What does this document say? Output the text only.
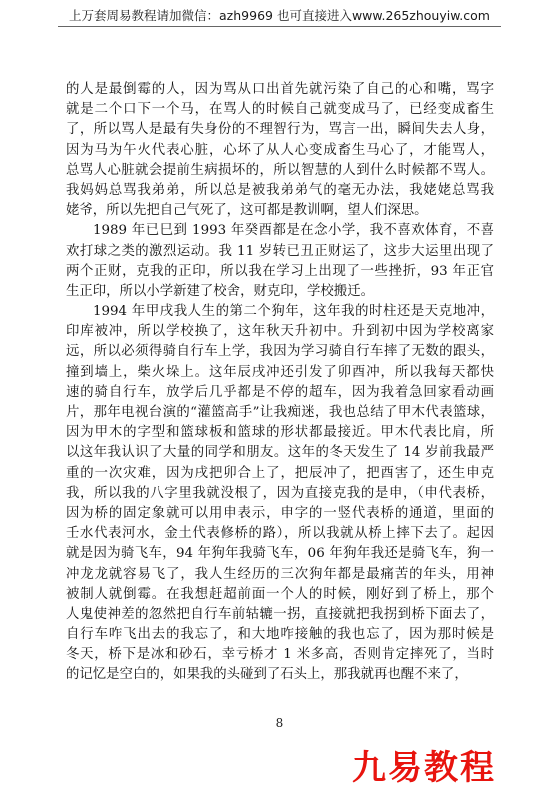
上万套周易教程请加微信：azh9969 也可直接进入www.265zhouyiw.com
的人是最倒霉的人，因为骂从口出首先就污染了自己的心和嘴，骂字
就是二个口下一个马，在骂人的时候自己就变成马了，已经变成畜生
了，所以骂人是最有失身份的不理智行为，骂言一出，瞬间失去人身，
因为马为午火代表心脏，心坏了从人心变成畜生马心了，才能骂人，
总骂人心脏就会提前生病损坏的，所以智慧的人到什么时候都不骂人。
我妈妈总骂我弟弟，所以总是被我弟弟气的毫无办法，我姥姥总骂我
姥爷，所以先把自己气死了，这可都是教训啊，望人们深思。
1989 年已巳到 1993 年癸酉都是在念小学，我不喜欢体育，不喜
欢打球之类的激烈运动。我 11 岁转已丑正财运了，这步大运里出现了
两个正财，克我的正印，所以我在学习上出现了一些挫折，93 年正官
生正印，所以小学新建了校舍，财克印，学校搬迁。
1994 年甲戌我人生的第二个狗年，这年我的时柱还是天克地冲，
印库被冲，所以学校换了，这年秋天升初中。升到初中因为学校离家
远，所以必须得骑自行车上学，我因为学习骑自行车摔了无数的跟头，
撞到墙上，柴火垛上。这年辰戌冲还引发了卯酉冲，所以我每天都快
速的骑自行车，放学后几乎都是不停的超车，因为我着急回家看动画
片，那年电视台演的“灌篮高手”让我痴迷，我也总结了甲木代表篮球，
因为甲木的字型和篮球板和篮球的形状都最接近。甲木代表比肩，所
以这年我认识了大量的同学和朋友。这年的冬天发生了 14 岁前我最严
重的一次灾难，因为戌把卯合上了，把辰冲了，把酉害了，还生申克
我，所以我的八字里我就没根了，因为直接克我的是申，（申代表桥，
因为桥的固定象就可以用申表示，申字的一竖代表桥的通道，里面的
壬水代表河水，金土代表修桥的路），所以我就从桥上摔下去了。起因
就是因为骑飞车，94 年狗年我骑飞车，06 年狗年我还是骑飞车，狗一
冲龙龙就容易飞了，我人生经历的三次狗年都是最痛苦的年头，用神
被制人就倒霉。在我想赶超前面一个人的时候，刚好到了桥上，那个
人鬼使神差的忽然把自行车前轱辘一拐，直接就把我拐到桥下面去了，
自行车咋飞出去的我忘了，和大地咋接触的我也忘了，因为那时候是
冬天，桥下是冰和砂石，幸亏桥才 1 米多高，否则肯定摔死了，当时
的记忆是空白的，如果我的头碰到了石头上，那我就再也醒不来了，
8
九易教程
